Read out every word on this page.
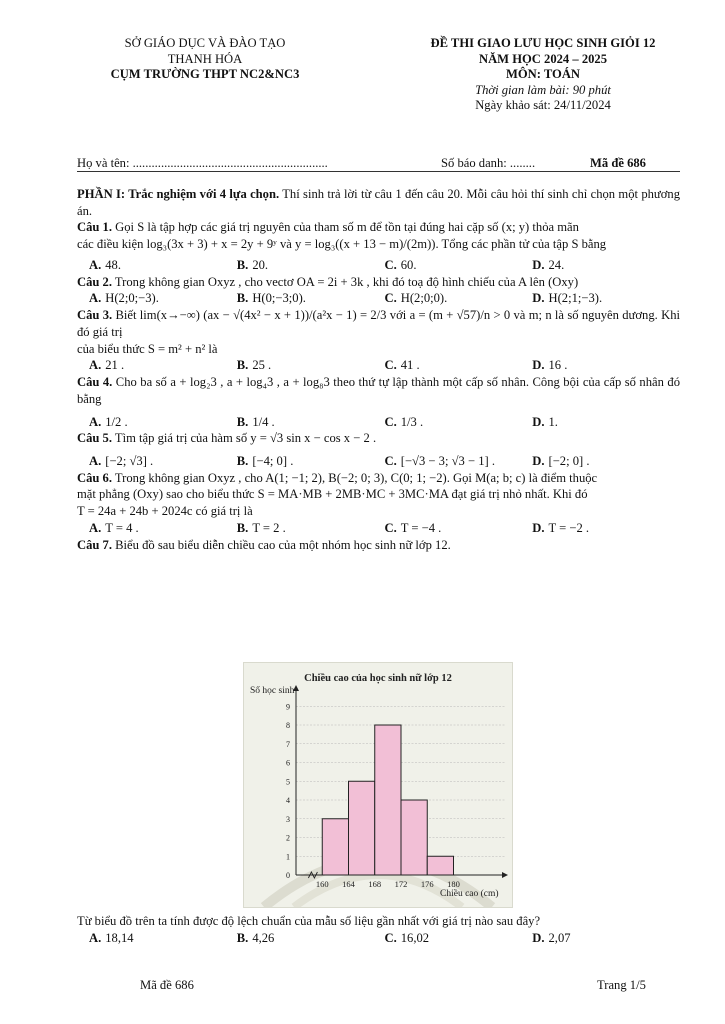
SỞ GIÁO DỤC VÀ ĐÀO TẠO
THANH HÓA
CỤM TRƯỜNG THPT NC2&NC3
ĐỀ THI GIAO LƯU HỌC SINH GIỎI 12
NĂM HỌC 2024 – 2025
MÔN: TOÁN
Thời gian làm bài: 90 phút
Ngày khảo sát: 24/11/2024
Họ và tên: ..............................................................	Số báo danh: ........	Mã đề 686

PHẦN I: Trắc nghiệm với 4 lựa chọn. Thí sinh trả lời từ câu 1 đến câu 20. Mỗi câu hỏi thí sinh chỉ chọn một phương án.

Câu 1. Gọi S là tập hợp các giá trị nguyên của tham số m để tồn tại đúng hai cặp số (x; y) thỏa mãn

các điều kiện log₃(3x + 3) + x = 2y + 9ʸ và y = log₃((x + 13 − m)/(2m)). Tổng các phần tử của tập S bằng

A. 48.	B. 20.	C. 60.	D. 24.

Câu 2. Trong không gian Oxyz , cho vectơ OA = 2i + 3k , khi đó toạ độ hình chiếu của A lên (Oxy)

A. H(2;0;−3).	B. H(0;−3;0).	C. H(2;0;0).	D. H(2;1;−3).

Câu 3. Biết lim(x→−∞) (ax − √(4x² − x + 1))/(a²x − 1) = 2/3 với a = (m + √57)/n > 0 và m; n là số nguyên dương. Khi đó giá trị

của biểu thức S = m² + n² là

A. 21 .	B. 25 .	C. 41 .	D. 16 .

Câu 4. Cho ba số a + log₂3 , a + log₄3 , a + log₈3 theo thứ tự lập thành một cấp số nhân. Công bội của cấp số nhân đó bằng

A. 1/2 .	B. 1/4 .	C. 1/3 .	D. 1.

Câu 5. Tìm tập giá trị của hàm số y = √3 sin x − cos x − 2 .

A. [−2; √3] .	B. [−4; 0] .	C. [−√3 − 3; √3 − 1] .	D. [−2; 0] .

Câu 6. Trong không gian Oxyz , cho A(1; −1; 2), B(−2; 0; 3), C(0; 1; −2). Gọi M(a; b; c) là điểm thuộc

mặt phẳng (Oxy) sao cho biểu thức S = MA·MB + 2MB·MC + 3MC·MA đạt giá trị nhỏ nhất. Khi đó

T = 24a + 24b + 2024c có giá trị là

A. T = 4 .	B. T = 2 .	C. T = −4 .	D. T = −2 .

Câu 7. Biểu đồ sau biểu diễn chiều cao của một nhóm học sinh nữ lớp 12.

Chiều cao của học sinh nữ lớp 12
Số học sinh
Chiều cao (cm)
0
1
2
3
4
5
6
7
8
9
160 164 168 172 176 180

Từ biểu đồ trên ta tính được độ lệch chuẩn của mẫu số liệu gần nhất với giá trị nào sau đây?

A. 18,14	B. 4,26	C. 16,02	D. 2,07
Mã đề 686	Trang 1/5
